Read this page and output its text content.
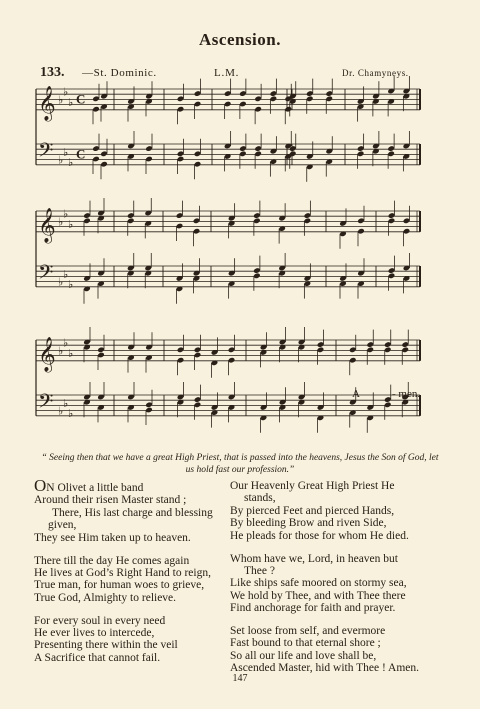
Ascension.
133. —St. Dominic.	L.M.	Dr. Chamyneys.
𝄞
𝄢
♭
♭
♭
♭
♭
♭
C
C
𝄞
𝄢
♭
♭
♭
♭
♭
♭
𝄞
𝄢
♭
♭
♭
♭
♭
♭
A	- men.
“ Seeing then that we have a great High Priest, that is passed into the heavens, Jesus the Son of God, let us hold fast our profession.”
ON Olivet a little band
Around their risen Master stand ;
There, His last charge and blessing
given,
They see Him taken up to heaven.
There till the day He comes again
He lives at God’s Right Hand to reign,
True man, for human woes to grieve,
True God, Almighty to relieve.
For every soul in every need
He ever lives to intercede,
Presenting there within the veil
A Sacrifice that cannot fail.
Our Heavenly Great High Priest He
stands,
By pierced Feet and pierced Hands,
By bleeding Brow and riven Side,
He pleads for those for whom He died.
Whom have we, Lord, in heaven but
Thee ?
Like ships safe moored on stormy sea,
We hold by Thee, and with Thee there
Find anchorage for faith and prayer.
Set loose from self, and evermore
Fast bound to that eternal shore ;
So all our life and love shall be,
Ascended Master, hid with Thee ! Amen.
147
